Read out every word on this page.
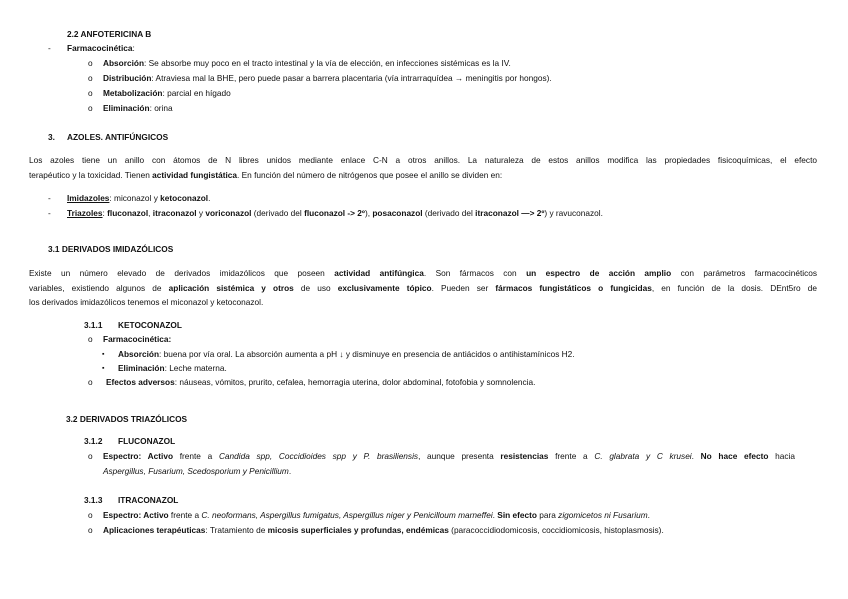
2.2 ANFOTERICINA B
- Farmacocinética:
o Absorción: Se absorbe muy poco en el tracto intestinal y la vía de elección, en infecciones sistémicas es la IV.
o Distribución: Atraviesa mal la BHE, pero puede pasar a barrera placentaria (vía intrarraquídea → meningitis por hongos).
o Metabolización: parcial en hígado
o Eliminación: orina
3. AZOLES. ANTIFÚNGICOS
Los azoles tiene un anillo con átomos de N libres unidos mediante enlace C-N a otros anillos. La naturaleza de estos anillos modifica las propiedades fisicoquímicas, el efecto
terapéutico y la toxicidad. Tienen actividad fungistática. En función del número de nitrógenos que posee el anillo se dividen en:
- Imidazoles: miconazol y ketoconazol.
- Triazoles: fluconazol, itraconazol y voriconazol (derivado del fluconazol -> 2º), posaconazol (derivado del itraconazol —> 2º) y ravuconazol.
3.1 DERIVADOS IMIDAZÓLICOS
Existe un número elevado de derivados imidazólicos que poseen actividad antifúngica. Son fármacos con un espectro de acción amplio con parámetros farmacocinéticos
variables, existiendo algunos de aplicación sistémica y otros de uso exclusivamente tópico. Pueden ser fármacos fungistáticos o fungicidas, en función de la dosis. DEnt5ro de
los derivados imidazólicos tenemos el miconazol y ketoconazol.
3.1.1 KETOCONAZOL
o Farmacocinética:
▪ Absorción: buena por vía oral. La absorción aumenta a pH ↓ y disminuye en presencia de antiácidos o antihistamínicos H2.
▪ Eliminación: Leche materna.
o Efectos adversos: náuseas, vómitos, prurito, cefalea, hemorragia uterina, dolor abdominal, fotofobia y somnolencia.
3.2 DERIVADOS TRIAZÓLICOS
3.1.2 FLUCONAZOL
o Espectro: Activo frente a Candida spp, Coccidioides spp y P. brasiliensis, aunque presenta resistencias frente a C. glabrata y C krusei. No hace efecto hacia
Aspergillus, Fusarium, Scedosporium y Penicillium.
3.1.3 ITRACONAZOL
o Espectro: Activo frente a C. neoformans, Aspergillus fumigatus, Aspergillus niger y Penicilloum marneffei. Sin efecto para zigomicetos ni Fusarium.
o Aplicaciones terapéuticas: Tratamiento de micosis superficiales y profundas, endémicas (paracoccidiodomicosis, coccidiomicosis, histoplasmosis).
